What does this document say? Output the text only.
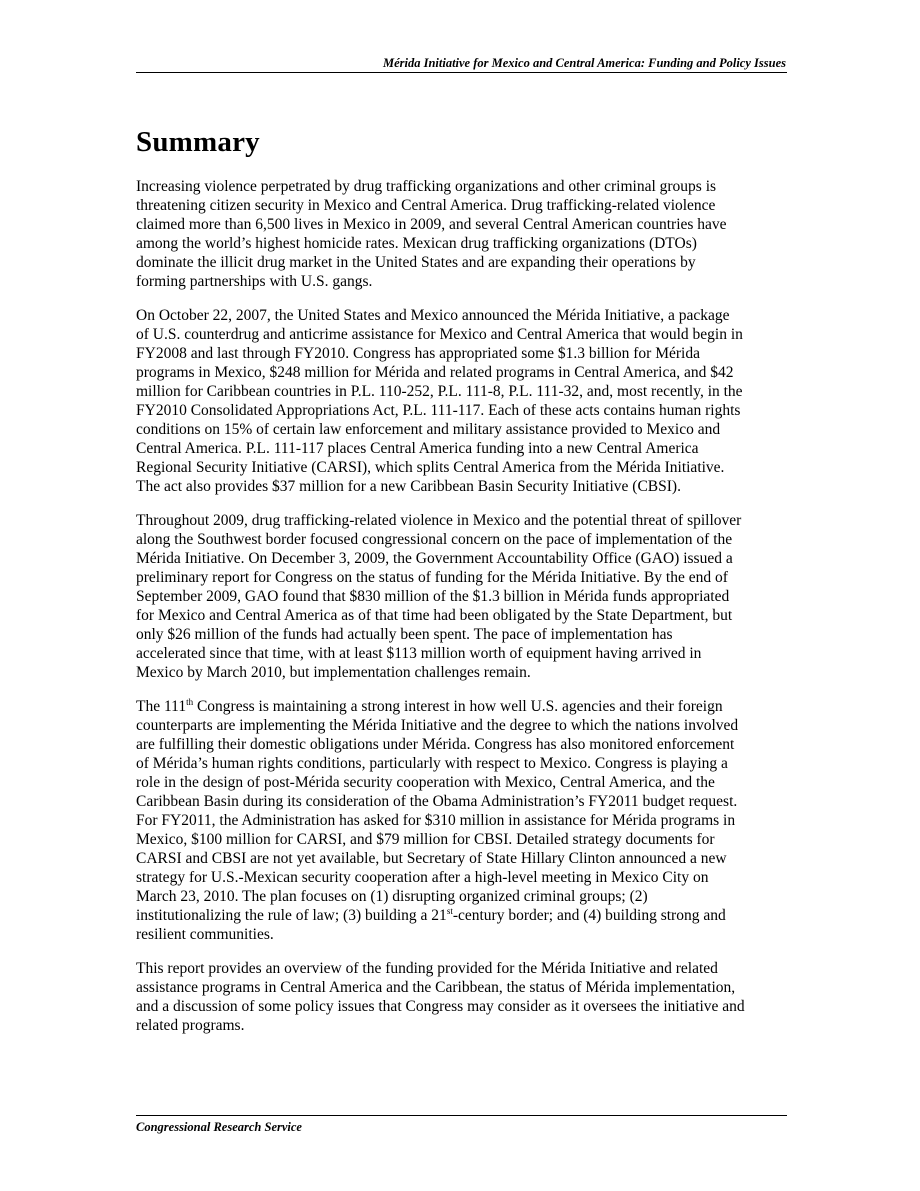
Mérida Initiative for Mexico and Central America: Funding and Policy Issues
Summary

Increasing violence perpetrated by drug trafficking organizations and other criminal groups is
threatening citizen security in Mexico and Central America. Drug trafficking-related violence
claimed more than 6,500 lives in Mexico in 2009, and several Central American countries have
among the world’s highest homicide rates. Mexican drug trafficking organizations (DTOs)
dominate the illicit drug market in the United States and are expanding their operations by
forming partnerships with U.S. gangs.

On October 22, 2007, the United States and Mexico announced the Mérida Initiative, a package
of U.S. counterdrug and anticrime assistance for Mexico and Central America that would begin in
FY2008 and last through FY2010. Congress has appropriated some $1.3 billion for Mérida
programs in Mexico, $248 million for Mérida and related programs in Central America, and $42
million for Caribbean countries in P.L. 110-252, P.L. 111-8, P.L. 111-32, and, most recently, in the
FY2010 Consolidated Appropriations Act, P.L. 111-117. Each of these acts contains human rights
conditions on 15% of certain law enforcement and military assistance provided to Mexico and
Central America. P.L. 111-117 places Central America funding into a new Central America
Regional Security Initiative (CARSI), which splits Central America from the Mérida Initiative.
The act also provides $37 million for a new Caribbean Basin Security Initiative (CBSI).

Throughout 2009, drug trafficking-related violence in Mexico and the potential threat of spillover
along the Southwest border focused congressional concern on the pace of implementation of the
Mérida Initiative. On December 3, 2009, the Government Accountability Office (GAO) issued a
preliminary report for Congress on the status of funding for the Mérida Initiative. By the end of
September 2009, GAO found that $830 million of the $1.3 billion in Mérida funds appropriated
for Mexico and Central America as of that time had been obligated by the State Department, but
only $26 million of the funds had actually been spent. The pace of implementation has
accelerated since that time, with at least $113 million worth of equipment having arrived in
Mexico by March 2010, but implementation challenges remain.

The 111th Congress is maintaining a strong interest in how well U.S. agencies and their foreign
counterparts are implementing the Mérida Initiative and the degree to which the nations involved
are fulfilling their domestic obligations under Mérida. Congress has also monitored enforcement
of Mérida’s human rights conditions, particularly with respect to Mexico. Congress is playing a
role in the design of post-Mérida security cooperation with Mexico, Central America, and the
Caribbean Basin during its consideration of the Obama Administration’s FY2011 budget request.
For FY2011, the Administration has asked for $310 million in assistance for Mérida programs in
Mexico, $100 million for CARSI, and $79 million for CBSI. Detailed strategy documents for
CARSI and CBSI are not yet available, but Secretary of State Hillary Clinton announced a new
strategy for U.S.-Mexican security cooperation after a high-level meeting in Mexico City on
March 23, 2010. The plan focuses on (1) disrupting organized criminal groups; (2)
institutionalizing the rule of law; (3) building a 21st-century border; and (4) building strong and
resilient communities.

This report provides an overview of the funding provided for the Mérida Initiative and related
assistance programs in Central America and the Caribbean, the status of Mérida implementation,
and a discussion of some policy issues that Congress may consider as it oversees the initiative and
related programs.

Congressional Research Service
